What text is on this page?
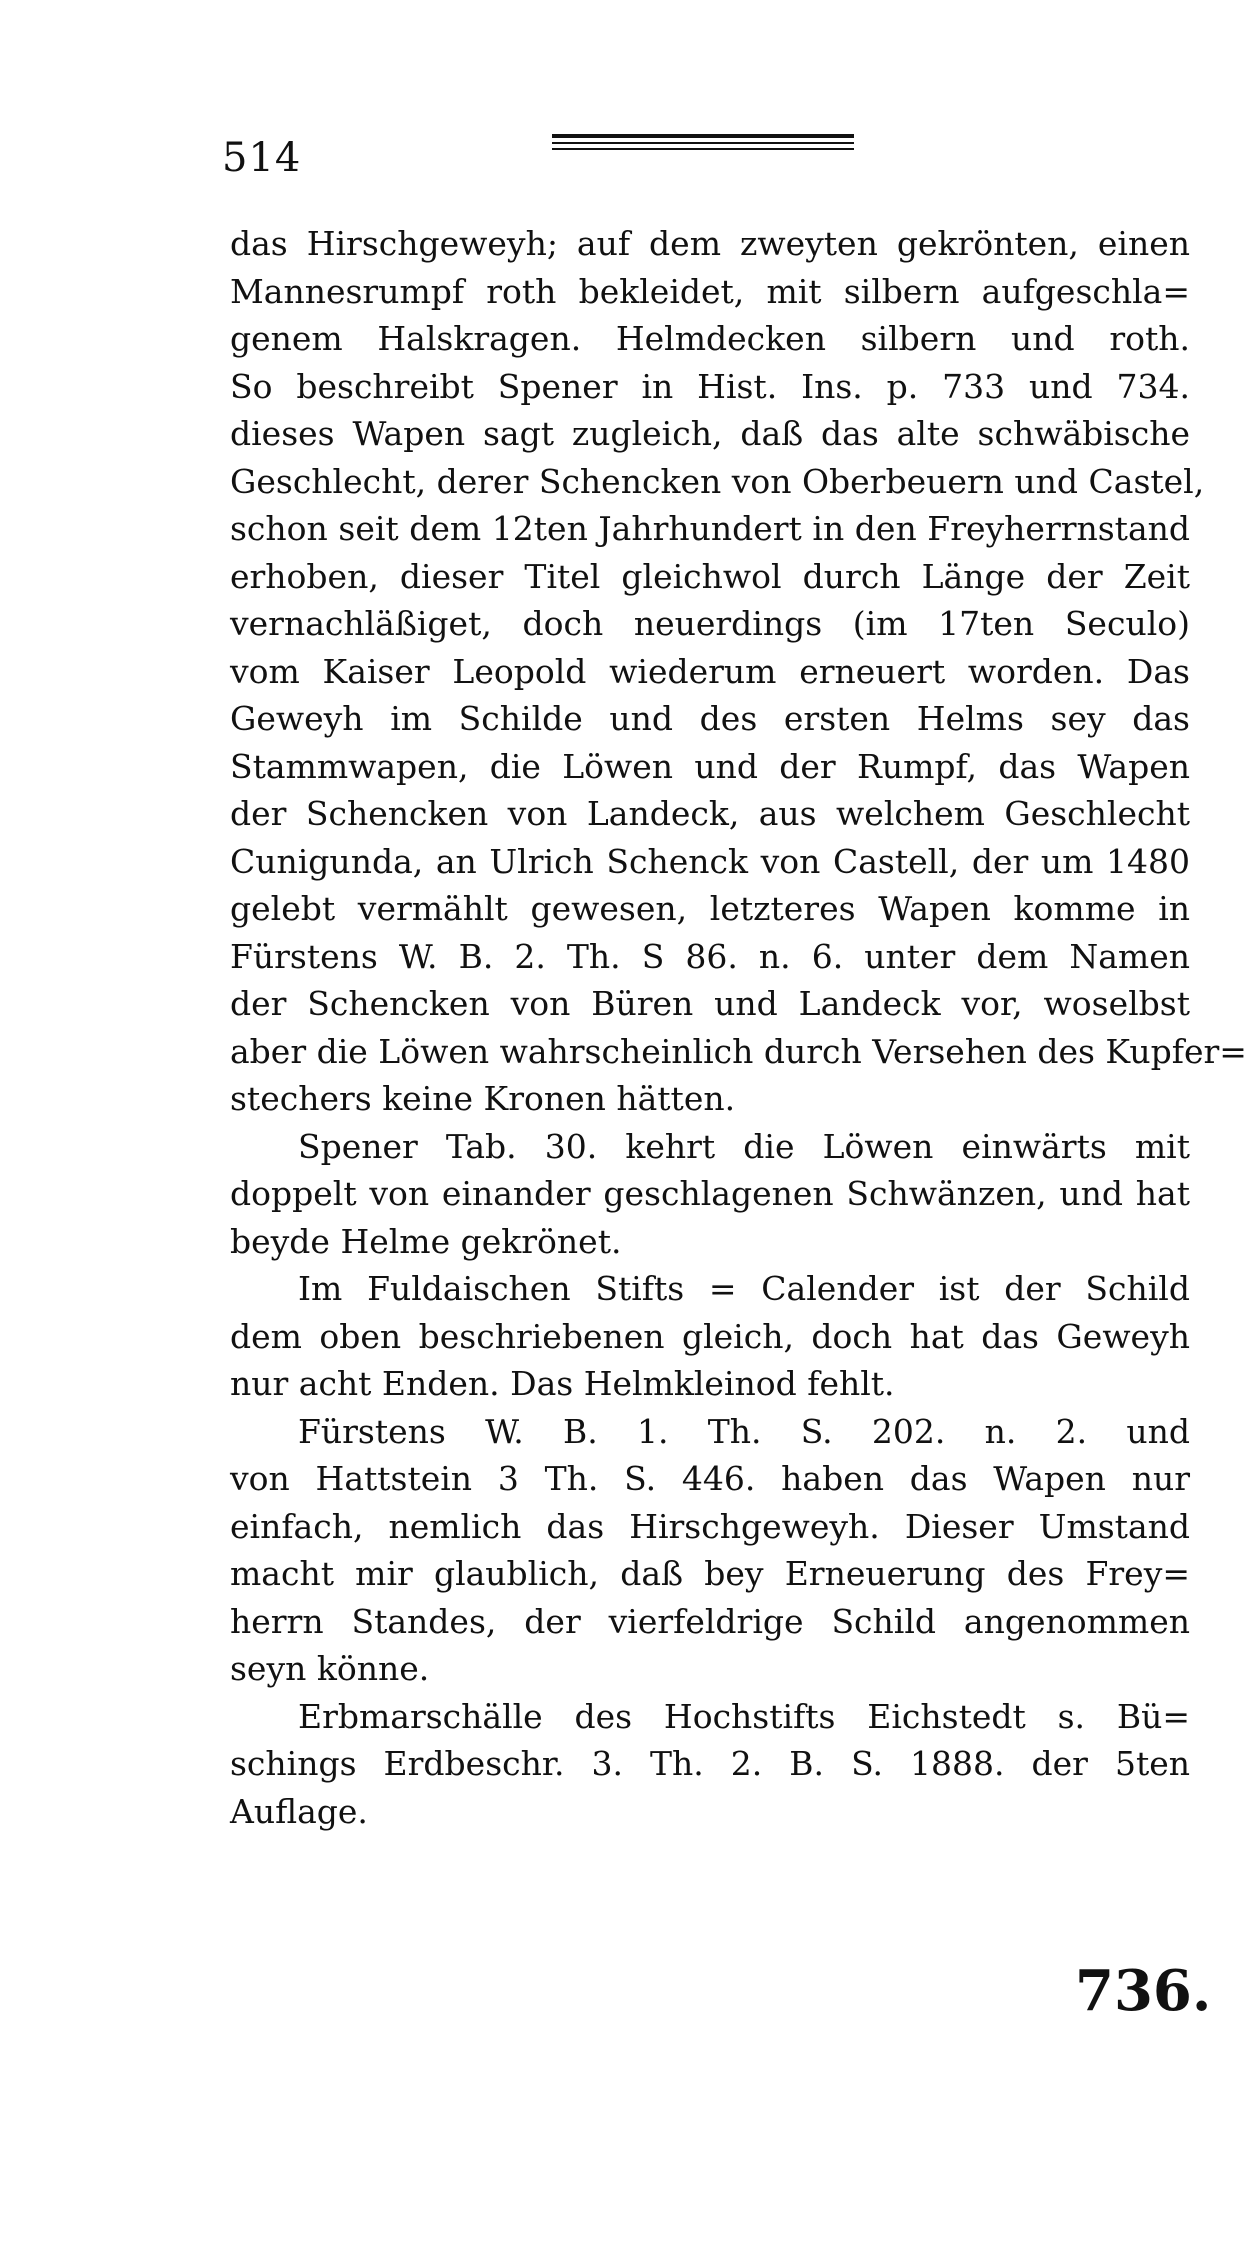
514
das Hirschgeweyh; auf dem zweyten gekrönten, einen
Mannesrumpf roth bekleidet, mit silbern aufgeschla=
genem Halskragen. Helmdecken silbern und roth.
So beschreibt Spener in Hist. Ins. p. 733 und 734.
dieses Wapen sagt zugleich, daß das alte schwäbische
Geschlecht, derer Schencken von Oberbeuern und Castel,
schon seit dem 12ten Jahrhundert in den Freyherrnstand
erhoben, dieser Titel gleichwol durch Länge der Zeit
vernachläßiget, doch neuerdings (im 17ten Seculo)
vom Kaiser Leopold wiederum erneuert worden. Das
Geweyh im Schilde und des ersten Helms sey das
Stammwapen, die Löwen und der Rumpf, das Wapen
der Schencken von Landeck, aus welchem Geschlecht
Cunigunda, an Ulrich Schenck von Castell, der um 1480
gelebt vermählt gewesen, letzteres Wapen komme in
Fürstens W. B. 2. Th. S 86. n. 6. unter dem Namen
der Schencken von Büren und Landeck vor, woselbst
aber die Löwen wahrscheinlich durch Versehen des Kupfer=
stechers keine Kronen hätten.
Spener Tab. 30. kehrt die Löwen einwärts mit
doppelt von einander geschlagenen Schwänzen, und hat
beyde Helme gekrönet.
Im Fuldaischen Stifts = Calender ist der Schild
dem oben beschriebenen gleich, doch hat das Geweyh
nur acht Enden. Das Helmkleinod fehlt.
Fürstens W. B. 1. Th. S. 202. n. 2. und
von Hattstein 3 Th. S. 446. haben das Wapen nur
einfach, nemlich das Hirschgeweyh. Dieser Umstand
macht mir glaublich, daß bey Erneuerung des Frey=
herrn Standes, der vierfeldrige Schild angenommen
seyn könne.
Erbmarschälle des Hochstifts Eichstedt s. Bü=
schings Erdbeschr. 3. Th. 2. B. S. 1888. der 5ten
Auflage.
736.
